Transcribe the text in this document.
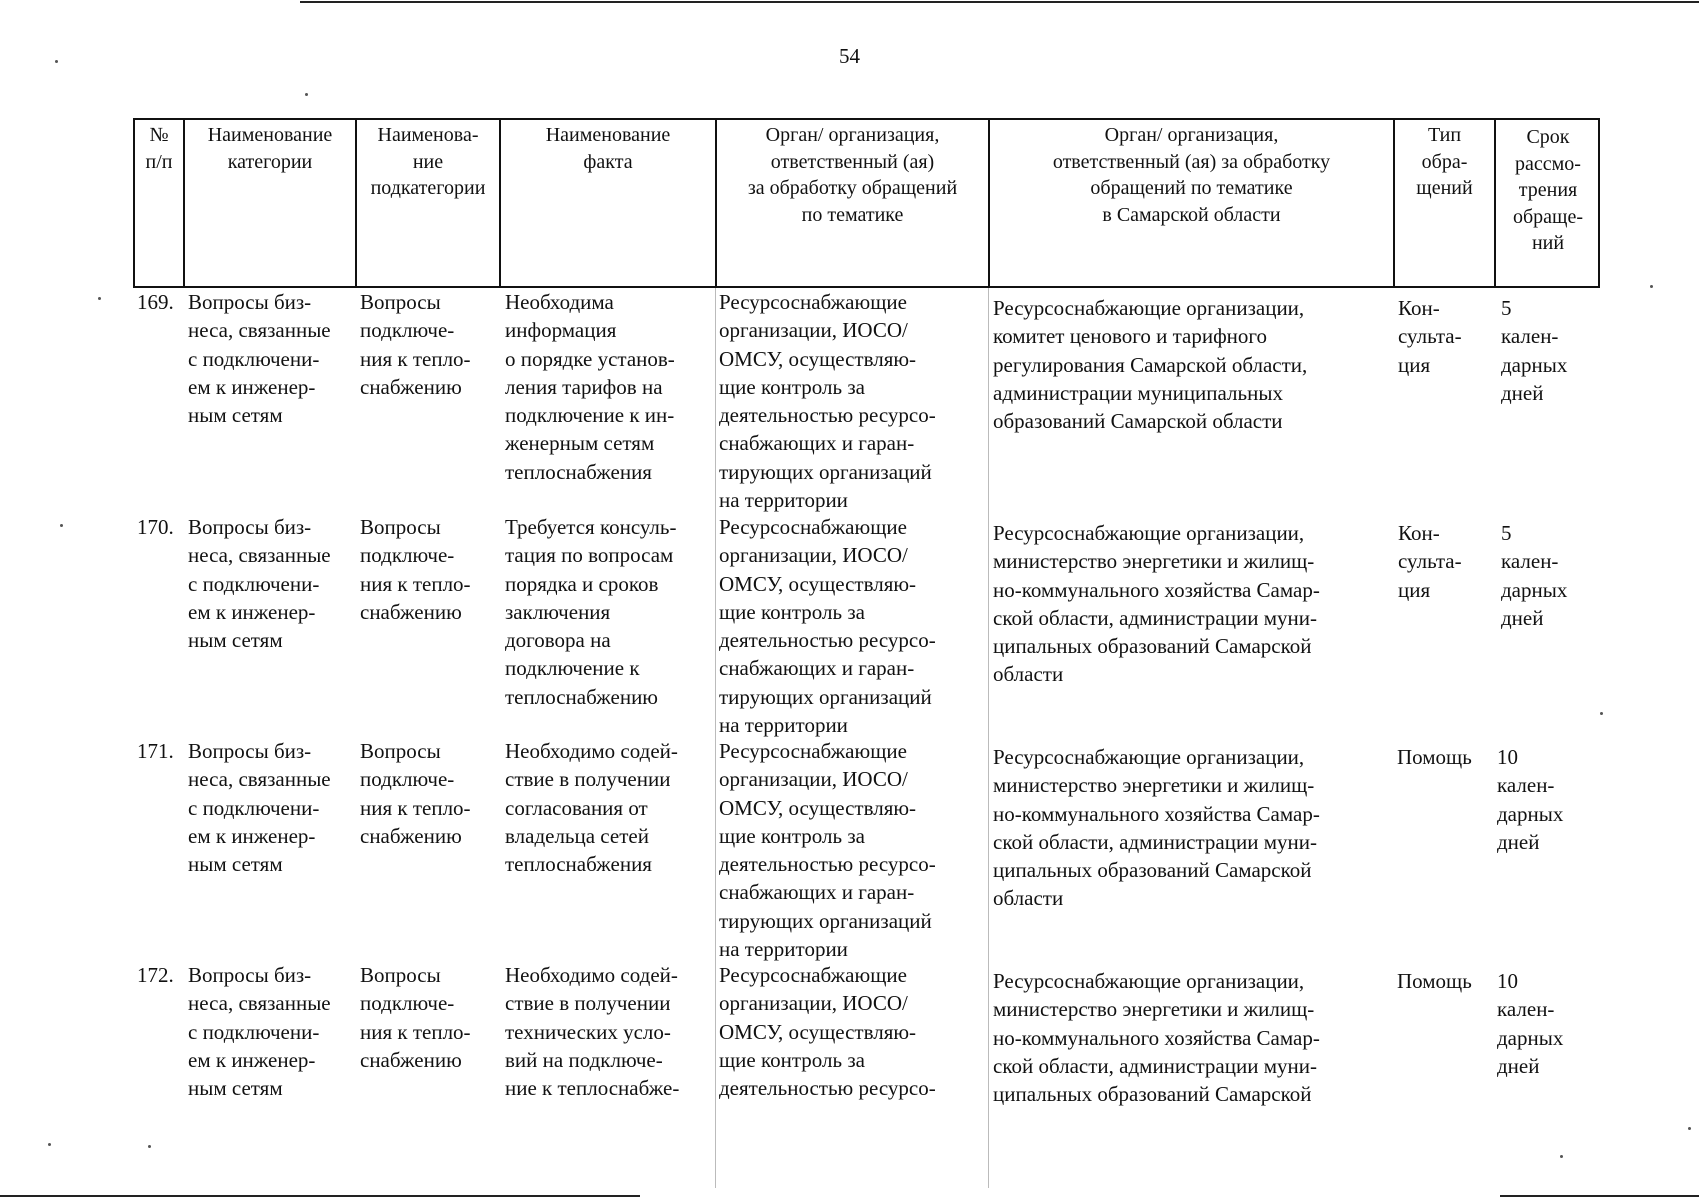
54
№
п/п
Наименование
категории
Наименова-
ние
подкатегории
Наименование
факта
Орган/ организация,
ответственный (ая)
за обработку обращений
по тематике
Орган/ организация,
ответственный (ая) за обработку
обращений по тематике
в Самарской области
Тип
обра-
щений
Срок
рассмо-
трения
обраще-
ний
169. Вопросы биз-
неса, связанные
с подключени-
ем к инженер-
ным сетям
Вопросы
подключе-
ния к тепло-
снабжению
Необходима
информация
о порядке установ-
ления тарифов на
подключение к ин-
женерным сетям
теплоснабжения
Ресурсоснабжающие
организации, ИОСО/
ОМСУ, осуществляю-
щие контроль за
деятельностью ресурсо-
снабжающих и гаран-
тирующих организаций
на территории
Ресурсоснабжающие организации,
комитет ценового и тарифного
регулирования Самарской области,
администрации муниципальных
образований Самарской области
Кон-
сульта-
ция
5
кален-
дарных
дней
170. Вопросы биз-
неса, связанные
с подключени-
ем к инженер-
ным сетям
Вопросы
подключе-
ния к тепло-
снабжению
Требуется консуль-
тация по вопросам
порядка и сроков
заключения
договора на
подключение к
теплоснабжению
Ресурсоснабжающие
организации, ИОСО/
ОМСУ, осуществляю-
щие контроль за
деятельностью ресурсо-
снабжающих и гаран-
тирующих организаций
на территории
Ресурсоснабжающие организации,
министерство энергетики и жилищ-
но-коммунального хозяйства Самар-
ской области, администрации муни-
ципальных образований Самарской
области
Кон-
сульта-
ция
5
кален-
дарных
дней
171. Вопросы биз-
неса, связанные
с подключени-
ем к инженер-
ным сетям
Вопросы
подключе-
ния к тепло-
снабжению
Необходимо содей-
ствие в получении
согласования от
владельца сетей
теплоснабжения
Ресурсоснабжающие
организации, ИОСО/
ОМСУ, осуществляю-
щие контроль за
деятельностью ресурсо-
снабжающих и гаран-
тирующих организаций
на территории
Ресурсоснабжающие организации,
министерство энергетики и жилищ-
но-коммунального хозяйства Самар-
ской области, администрации муни-
ципальных образований Самарской
области
Помощь 10
кален-
дарных
дней
172. Вопросы биз-
неса, связанные
с подключени-
ем к инженер-
ным сетям
Вопросы
подключе-
ния к тепло-
снабжению
Необходимо содей-
ствие в получении
технических усло-
вий на подключе-
ние к теплоснабже-
Ресурсоснабжающие
организации, ИОСО/
ОМСУ, осуществляю-
щие контроль за
деятельностью ресурсо-
Ресурсоснабжающие организации,
министерство энергетики и жилищ-
но-коммунального хозяйства Самар-
ской области, администрации муни-
ципальных образований Самарской
Помощь 10
кален-
дарных
дней
